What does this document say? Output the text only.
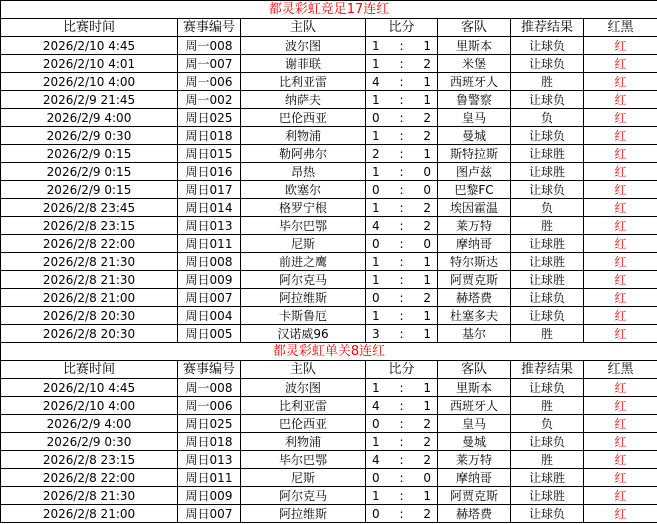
都灵彩虹竞足17连红						
比赛时间	赛事编号	主队	比分	客队	推荐结果	红黑
2026/2/10 4:45	周一008	波尔图	1 : 1	里斯本	让球负	红
2026/2/10 4:01	周一007	谢菲联	1 : 2	米堡	让球负	红
2026/2/10 4:00	周一006	比利亚雷	4 : 1	西班牙人	胜	红
2026/2/9 21:45	周一002	纳萨夫	1 : 1	鲁警察	让球负	红
2026/2/9 4:00	周日025	巴伦西亚	0 : 2	皇马	负	红
2026/2/9 0:30	周日018	利物浦	1 : 2	曼城	让球负	红
2026/2/9 0:15	周日015	勒阿弗尔	2 : 1	斯特拉斯	让球胜	红
2026/2/9 0:15	周日016	昂热	1 : 0	图卢兹	让球胜	红
2026/2/9 0:15	周日017	欧塞尔	0 : 0	巴黎FC	让球负	红
2026/2/8 23:45	周日014	格罗宁根	1 : 2	埃因霍温	负	红
2026/2/8 23:15	周日013	毕尔巴鄂	4 : 2	莱万特	胜	红
2026/2/8 22:00	周日011	尼斯	0 : 0	摩纳哥	让球胜	红
2026/2/8 21:30	周日008	前进之鹰	1 : 1	特尔斯达	让球胜	红
2026/2/8 21:30	周日009	阿尔克马	1 : 1	阿贾克斯	让球胜	红
2026/2/8 21:00	周日007	阿拉维斯	0 : 2	赫塔费	让球负	红
2026/2/8 20:30	周日004	卡斯鲁厄	1 : 1	杜塞多夫	让球负	红
2026/2/8 20:30	周日005	汉诺威96	3 : 1	基尔	胜	红
都灵彩虹单关8连红						
比赛时间	赛事编号	主队	比分	客队	推荐结果	红黑
2026/2/10 4:45	周一008	波尔图	1 : 1	里斯本	让球负	红
2026/2/10 4:00	周一006	比利亚雷	4 : 1	西班牙人	胜	红
2026/2/9 4:00	周日025	巴伦西亚	0 : 2	皇马	负	红
2026/2/9 0:30	周日018	利物浦	1 : 2	曼城	让球负	红
2026/2/8 23:15	周日013	毕尔巴鄂	4 : 2	莱万特	胜	红
2026/2/8 22:00	周日011	尼斯	0 : 0	摩纳哥	让球胜	红
2026/2/8 21:30	周日009	阿尔克马	1 : 1	阿贾克斯	让球胜	红
2026/2/8 21:00	周日007	阿拉维斯	0 : 2	赫塔费	让球负	红
